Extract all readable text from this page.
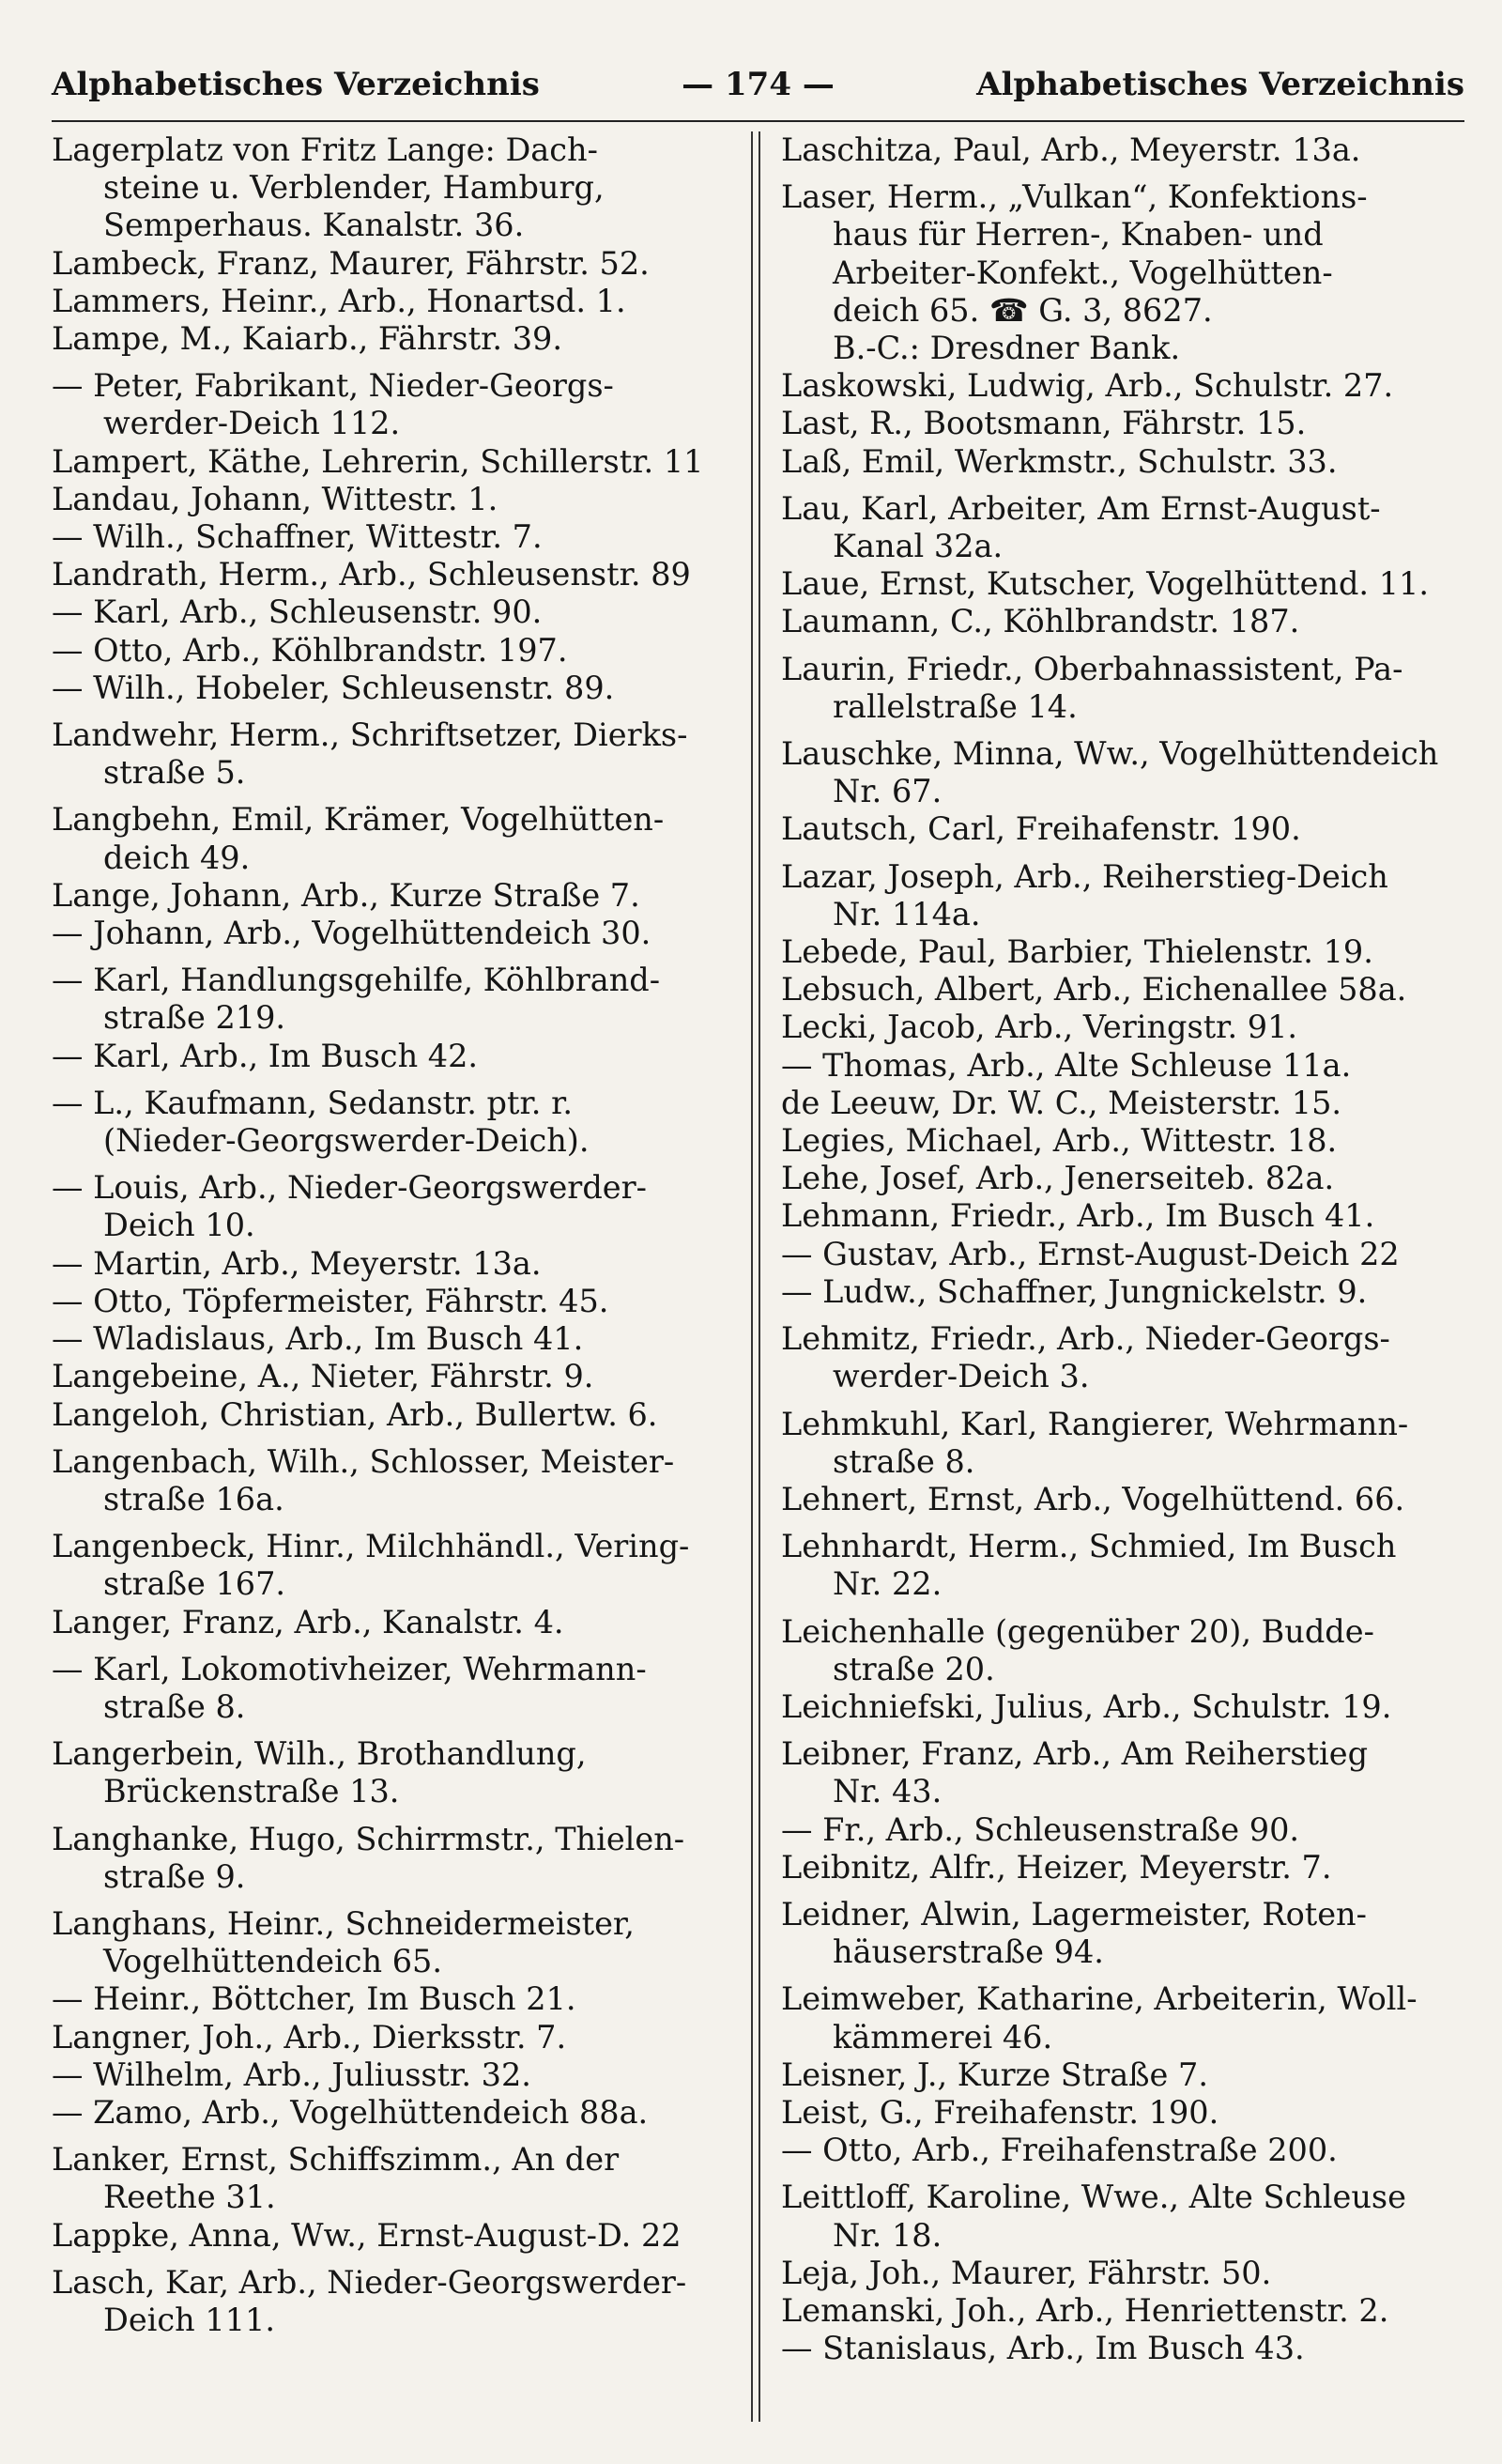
Alphabetisches Verzeichnis	— 174 —	Alphabetisches Verzeichnis
Lagerplatz von Fritz Lange: Dach-
steine u. Verblender, Hamburg,
Semperhaus. Kanalstr. 36.
Lambeck, Franz, Maurer, Fährstr. 52.
Lammers, Heinr., Arb., Honartsd. 1.
Lampe, M., Kaiarb., Fährstr. 39.
— Peter, Fabrikant, Nieder-Georgs-
werder-Deich 112.
Lampert, Käthe, Lehrerin, Schillerstr. 11
Landau, Johann, Wittestr. 1.
— Wilh., Schaffner, Wittestr. 7.
Landrath, Herm., Arb., Schleusenstr. 89
— Karl, Arb., Schleusenstr. 90.
— Otto, Arb., Köhlbrandstr. 197.
— Wilh., Hobeler, Schleusenstr. 89.
Landwehr, Herm., Schriftsetzer, Dierks-
straße 5.
Langbehn, Emil, Krämer, Vogelhütten-
deich 49.
Lange, Johann, Arb., Kurze Straße 7.
— Johann, Arb., Vogelhüttendeich 30.
— Karl, Handlungsgehilfe, Köhlbrand-
straße 219.
— Karl, Arb., Im Busch 42.
— L., Kaufmann, Sedanstr. ptr. r.
(Nieder-Georgswerder-Deich).
— Louis, Arb., Nieder-Georgswerder-
Deich 10.
— Martin, Arb., Meyerstr. 13a.
— Otto, Töpfermeister, Fährstr. 45.
— Wladislaus, Arb., Im Busch 41.
Langebeine, A., Nieter, Fährstr. 9.
Langeloh, Christian, Arb., Bullertw. 6.
Langenbach, Wilh., Schlosser, Meister-
straße 16a.
Langenbeck, Hinr., Milchhändl., Vering-
straße 167.
Langer, Franz, Arb., Kanalstr. 4.
— Karl, Lokomotivheizer, Wehrmann-
straße 8.
Langerbein, Wilh., Brothandlung,
Brückenstraße 13.
Langhanke, Hugo, Schirrmstr., Thielen-
straße 9.
Langhans, Heinr., Schneidermeister,
Vogelhüttendeich 65.
— Heinr., Böttcher, Im Busch 21.
Langner, Joh., Arb., Dierksstr. 7.
— Wilhelm, Arb., Juliusstr. 32.
— Zamo, Arb., Vogelhüttendeich 88a.
Lanker, Ernst, Schiffszimm., An der
Reethe 31.
Lappke, Anna, Ww., Ernst-August-D. 22
Lasch, Kar, Arb., Nieder-Georgswerder-
Deich 111.
Laschitza, Paul, Arb., Meyerstr. 13a.
Laser, Herm., „Vulkan“, Konfektions-
haus für Herren-, Knaben- und
Arbeiter-Konfekt., Vogelhütten-
deich 65. ☎ G. 3, 8627.
B.-C.: Dresdner Bank.
Laskowski, Ludwig, Arb., Schulstr. 27.
Last, R., Bootsmann, Fährstr. 15.
Laß, Emil, Werkmstr., Schulstr. 33.
Lau, Karl, Arbeiter, Am Ernst-August-
Kanal 32a.
Laue, Ernst, Kutscher, Vogelhüttend. 11.
Laumann, C., Köhlbrandstr. 187.
Laurin, Friedr., Oberbahnassistent, Pa-
rallelstraße 14.
Lauschke, Minna, Ww., Vogelhüttendeich
Nr. 67.
Lautsch, Carl, Freihafenstr. 190.
Lazar, Joseph, Arb., Reiherstieg-Deich
Nr. 114a.
Lebede, Paul, Barbier, Thielenstr. 19.
Lebsuch, Albert, Arb., Eichenallee 58a.
Lecki, Jacob, Arb., Veringstr. 91.
— Thomas, Arb., Alte Schleuse 11a.
de Leeuw, Dr. W. C., Meisterstr. 15.
Legies, Michael, Arb., Wittestr. 18.
Lehe, Josef, Arb., Jenerseiteb. 82a.
Lehmann, Friedr., Arb., Im Busch 41.
— Gustav, Arb., Ernst-August-Deich 22
— Ludw., Schaffner, Jungnickelstr. 9.
Lehmitz, Friedr., Arb., Nieder-Georgs-
werder-Deich 3.
Lehmkuhl, Karl, Rangierer, Wehrmann-
straße 8.
Lehnert, Ernst, Arb., Vogelhüttend. 66.
Lehnhardt, Herm., Schmied, Im Busch
Nr. 22.
Leichenhalle (gegenüber 20), Budde-
straße 20.
Leichniefski, Julius, Arb., Schulstr. 19.
Leibner, Franz, Arb., Am Reiherstieg
Nr. 43.
— Fr., Arb., Schleusenstraße 90.
Leibnitz, Alfr., Heizer, Meyerstr. 7.
Leidner, Alwin, Lagermeister, Roten-
häuserstraße 94.
Leimweber, Katharine, Arbeiterin, Woll-
kämmerei 46.
Leisner, J., Kurze Straße 7.
Leist, G., Freihafenstr. 190.
— Otto, Arb., Freihafenstraße 200.
Leittloff, Karoline, Wwe., Alte Schleuse
Nr. 18.
Leja, Joh., Maurer, Fährstr. 50.
Lemanski, Joh., Arb., Henriettenstr. 2.
— Stanislaus, Arb., Im Busch 43.
